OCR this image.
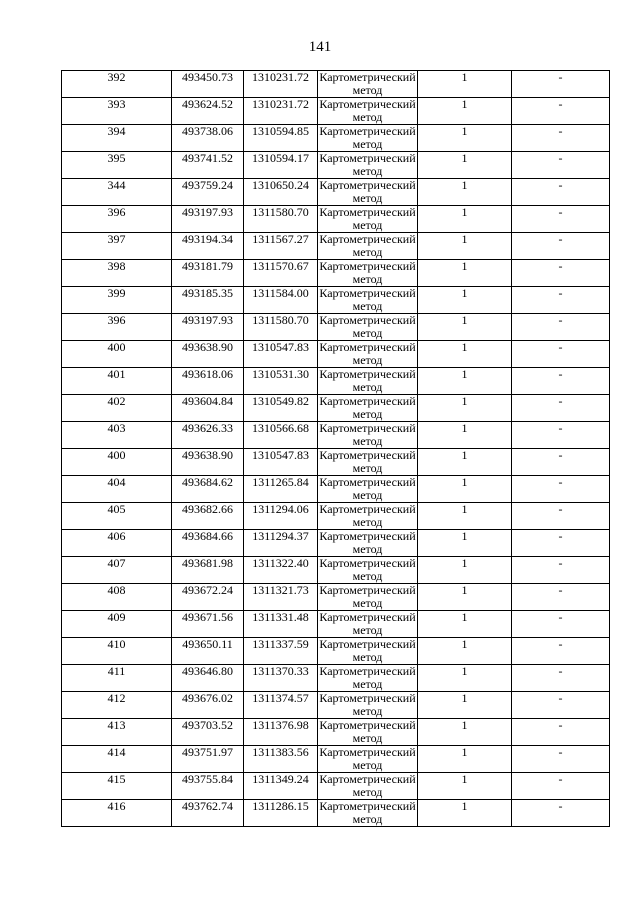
141
392	493450.73	1310231.72	Картометрический метод	1	-
393	493624.52	1310231.72	Картометрический метод	1	-
394	493738.06	1310594.85	Картометрический метод	1	-
395	493741.52	1310594.17	Картометрический метод	1	-
344	493759.24	1310650.24	Картометрический метод	1	-
396	493197.93	1311580.70	Картометрический метод	1	-
397	493194.34	1311567.27	Картометрический метод	1	-
398	493181.79	1311570.67	Картометрический метод	1	-
399	493185.35	1311584.00	Картометрический метод	1	-
396	493197.93	1311580.70	Картометрический метод	1	-
400	493638.90	1310547.83	Картометрический метод	1	-
401	493618.06	1310531.30	Картометрический метод	1	-
402	493604.84	1310549.82	Картометрический метод	1	-
403	493626.33	1310566.68	Картометрический метод	1	-
400	493638.90	1310547.83	Картометрический метод	1	-
404	493684.62	1311265.84	Картометрический метод	1	-
405	493682.66	1311294.06	Картометрический метод	1	-
406	493684.66	1311294.37	Картометрический метод	1	-
407	493681.98	1311322.40	Картометрический метод	1	-
408	493672.24	1311321.73	Картометрический метод	1	-
409	493671.56	1311331.48	Картометрический метод	1	-
410	493650.11	1311337.59	Картометрический метод	1	-
411	493646.80	1311370.33	Картометрический метод	1	-
412	493676.02	1311374.57	Картометрический метод	1	-
413	493703.52	1311376.98	Картометрический метод	1	-
414	493751.97	1311383.56	Картометрический метод	1	-
415	493755.84	1311349.24	Картометрический метод	1	-
416	493762.74	1311286.15	Картометрический метод	1	-
